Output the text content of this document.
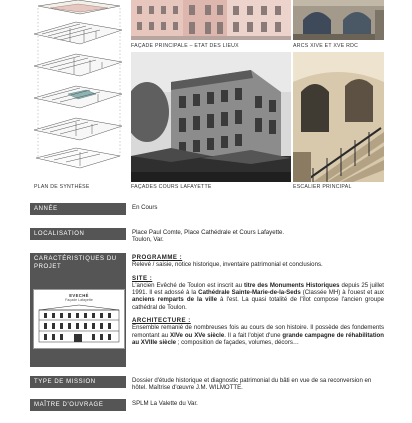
PLAN DE SYNTHÈSE
FAÇADE PRINCIPALE – ETAT DES LIEUX	ARCS XIVE ET XVE RDC
FAÇADES COURS LAFAYETTE	ESCALIER PRINCIPAL
ANNÉE	En Cours
LOCALISATION	Place Paul Comte, Place Cathédrale et Cours Lafayette.

Toulon, Var.

CARACTÉRISTIQUES DU PROJET
EVECHÉ
Façade Lafayette

PROGRAMME :

Relevé / saisie, notice historique, inventaire patrimonial et conclusions.

SITE :

L'ancien Evêché de Toulon est inscrit au titre des Monuments Historiques depuis 25 juillet 1991. Il est adossé à la Cathédrale Sainte-Marie-de-la-Seds (Classée MH) à l'ouest et aux anciens remparts de la ville à l'est. La quasi totalité de l'îlot compose l'ancien groupe cathédral de Toulon.

ARCHITECTURE :

Ensemble remanié de nombreuses fois au cours de son histoire. Il possède des fondements remontant au XIVe ou XVe siècle. Il a fait l'objet d'une grande campagne de réhabilitation au XVIIIe siècle ; composition de façades, volumes, décors…

TYPE DE MISSION	Dossier d'étude historique et diagnostic patrimonial du bâti en vue de sa reconversion en hôtel. Maîtrise d'œuvre J.M. WILMOTTE.
MAÎTRE D'OUVRAGE	SPLM La Valette du Var.
